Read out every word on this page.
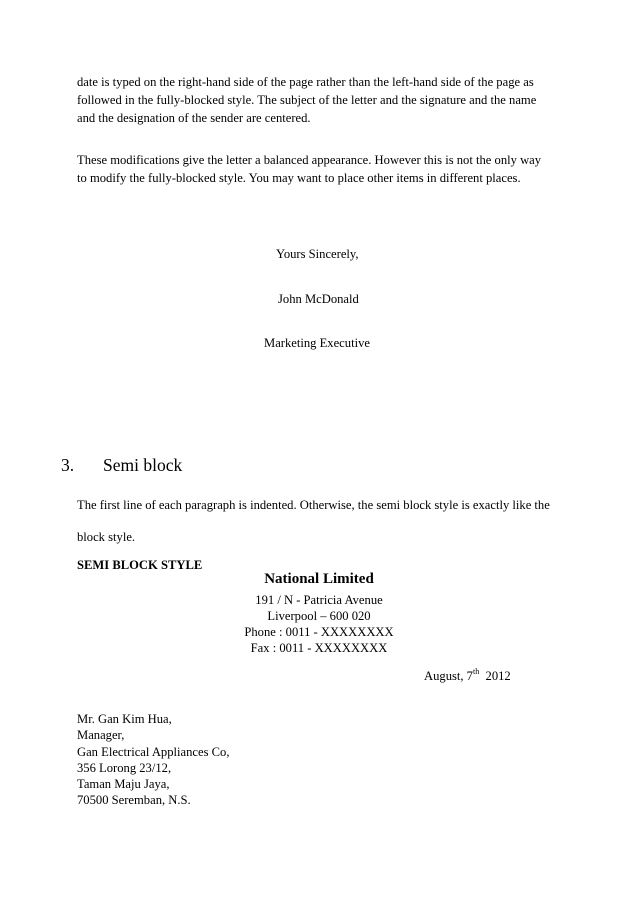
date is typed on the right-hand side of the page rather than the left-hand side of the page as
followed in the fully-blocked style. The subject of the letter and the signature and the name
and the designation of the sender are centered.
These modifications give the letter a balanced appearance. However this is not the only way
to modify the fully-blocked style. You may want to place other items in different places.
Yours Sincerely,
John McDonald
Marketing Executive
3. Semi block
The first line of each paragraph is indented. Otherwise, the semi block style is exactly like the
block style.
SEMI BLOCK STYLE
National Limited
191 / N - Patricia Avenue
Liverpool – 600 020
Phone : 0011 - XXXXXXXX
Fax : 0011 - XXXXXXXX
August, 7th 2012
Mr. Gan Kim Hua,
Manager,
Gan Electrical Appliances Co,
356 Lorong 23/12,
Taman Maju Jaya,
70500 Seremban, N.S.
